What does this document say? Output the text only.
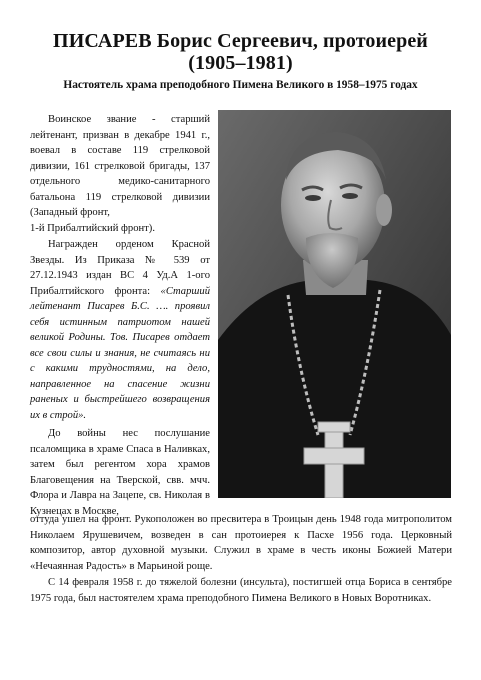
ПИСАРЕВ Борис Сергеевич, протоиерей
(1905–1981)
Настоятель храма преподобного Пимена Великого в 1958–1975 годах

Воинское звание - старший лейтенант, призван в декабре 1941 г., воевал в составе 119 стрелковой дивизии, 161 стрелковой бригады, 137 отдельного медико-санитарного батальона 119 стрелковой дивизии (Западный фронт,

1-й Прибалтийский фронт).

Награжден орденом Красной Звезды. Из Приказа № 539 от 27.12.1943 издан ВС 4 Уд.А 1-ого Прибалтийского фронта: «Старший лейтенант Писарев Б.С. …. проявил себя истинным патриотом нашей великой Родины. Тов. Писарев отдает все свои силы и знания, не считаясь ни с какими трудностями, на дело, направленное на спасение жизни раненых и быстрейшего возвращения их в строй».

До войны нес послушание псаломщика в храме Спаса в Наливках, затем был регентом хора храмов Благовещения на Тверской, свв. мчч. Флора и Лавра на Зацепе, св. Николая в Кузнецах в Москве,

оттуда ушел на фронт. Рукоположен во пресвитера в Троицын день 1948 года митрополитом Николаем Ярушевичем, возведен в сан протоиерея к Пасхе 1956 года. Церковный композитор, автор духовной музыки. Служил в храме в честь иконы Божией Матери «Нечаянная Радость» в Марьиной роще.

С 14 февраля 1958 г. до тяжелой болезни (инсульта), постигшей отца Бориса в сентябре 1975 года, был настоятелем храма преподобного Пимена Великого в Новых Воротниках.
